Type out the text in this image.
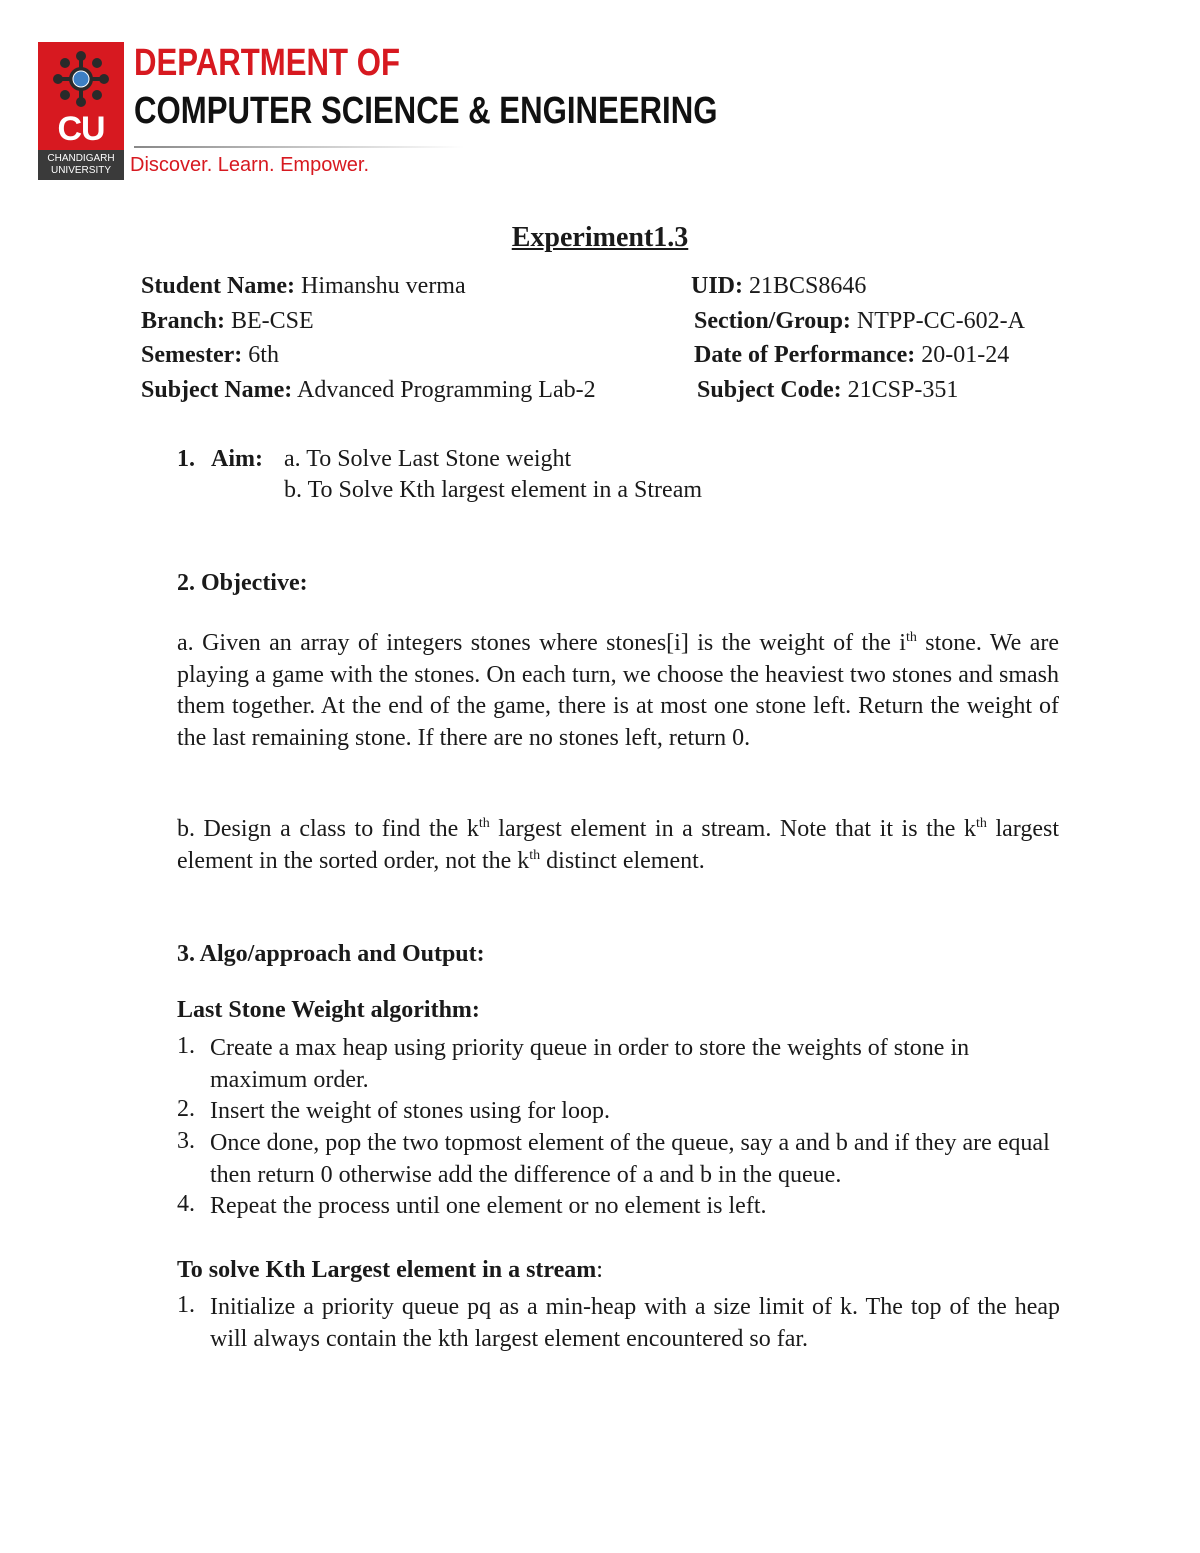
CU
CHANDIGARH
UNIVERSITY
DEPARTMENT OF
COMPUTER SCIENCE & ENGINEERING
Discover. Learn. Empower.
Experiment1.3
Student Name: Himanshu verma	UID: 21BCS8646
Branch: BE-CSE	Section/Group: NTPP-CC-602-A
Semester: 6th	Date of Performance: 20-01-24
Subject Name: Advanced Programming Lab-2	Subject Code: 21CSP-351
1. Aim: a. To Solve Last Stone weight
b. To Solve Kth largest element in a Stream
2. Objective:
a. Given an array of integers stones where stones[i] is the weight of the $i^{th}$ stone. We are playing a game with the stones. On each turn, we choose the heaviest two stones and smash them together. At the end of the game, there is at most one stone left. Return the weight of the last remaining stone. If there are no stones left, return 0.
b. Design a class to find the $k^{th}$ largest element in a stream. Note that it is the $k^{th}$ largest element in the sorted order, not the $k^{th}$ distinct element.
3. Algo/approach and Output:
Last Stone Weight algorithm:
1. Create a max heap using priority queue in order to store the weights of stone in maximum order.
2. Insert the weight of stones using for loop.
3. Once done, pop the two topmost element of the queue, say a and b and if they are equal then return 0 otherwise add the difference of a and b in the queue.
4. Repeat the process until one element or no element is left.
To solve Kth Largest element in a stream:
1. Initialize a priority queue pq as a min-heap with a size limit of k. The top of the heap will always contain the kth largest element encountered so far.
